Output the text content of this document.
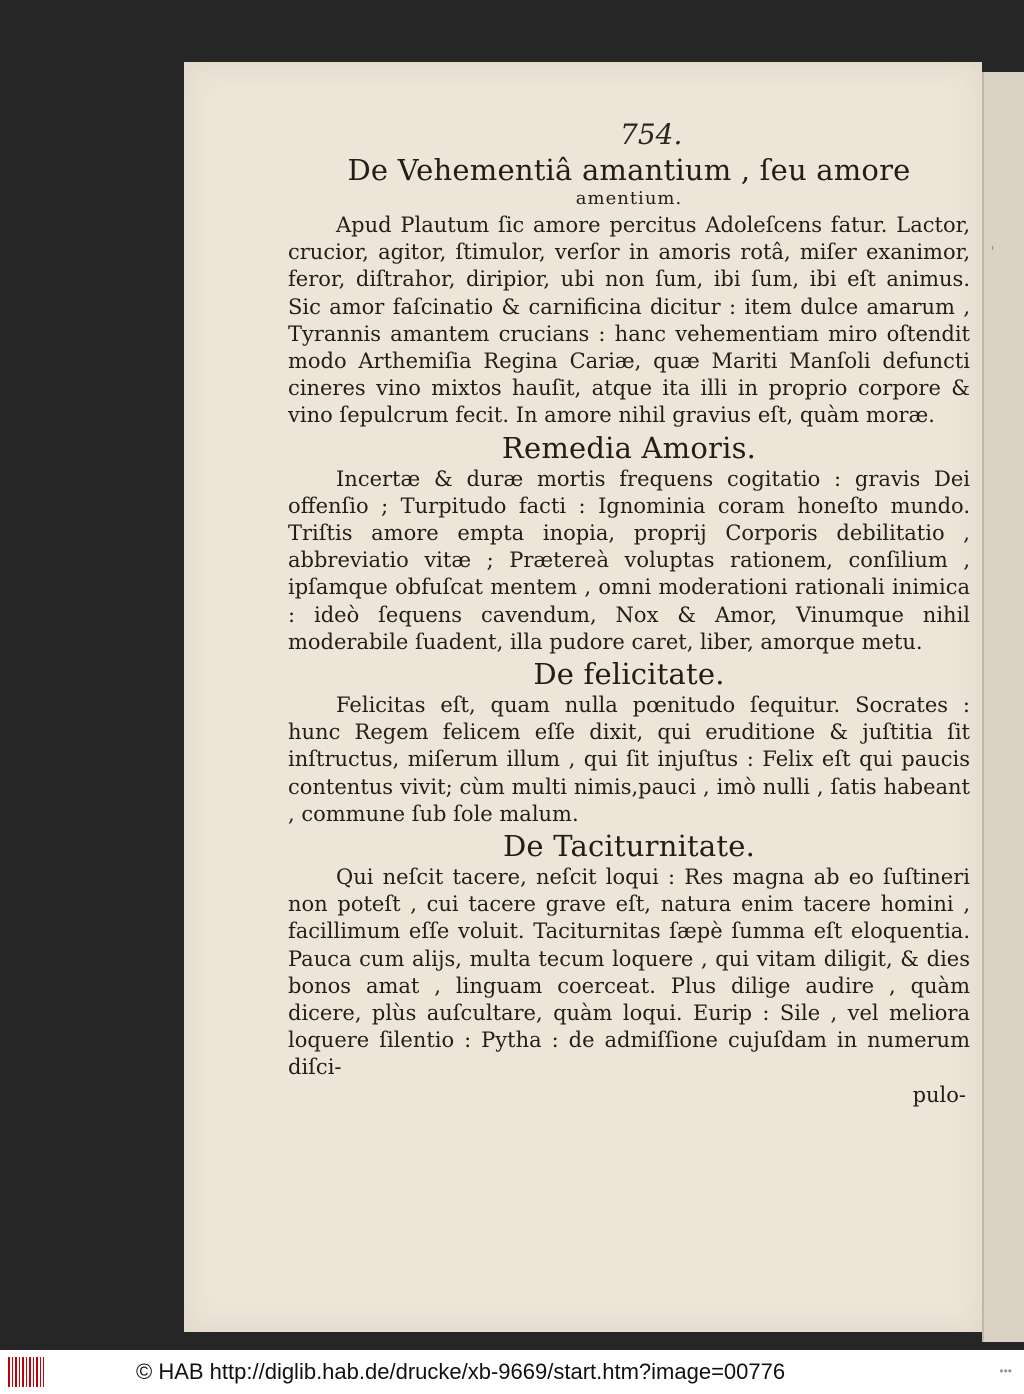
ˌ
754.
De Vehementiâ amantium , ſeu amore
amentium.

Apud Plautum ſic amore percitus Adoleſcens fatur. Lactor, crucior, agitor, ſtimulor, verſor in amoris rotâ, miſer exanimor, feror, diſtrahor, diripior, ubi non ſum, ibi ſum, ibi eſt animus. Sic amor faſcinatio & carnificina dicitur : item dulce amarum , Tyrannis amantem crucians : hanc vehementiam miro oſtendit modo Arthemiſia Regina Cariæ, quæ Mariti Manſoli defuncti cineres vino mixtos hauſit, atque ita illi in proprio corpore & vino ſepulcrum fecit. In amore nihil gravius eſt, quàm moræ.

Remedia Amoris.

Incertæ & duræ mortis frequens cogitatio : gravis Dei offenſio ; Turpitudo facti : Ignominia coram honeſto mundo. Triſtis amore empta inopia, proprij Corporis debilitatio , abbreviatio vitæ ; Prætereà voluptas rationem, conſilium , ipſamque obfuſcat mentem , omni moderationi rationali inimica : ideò ſequens cavendum, Nox & Amor, Vinumque nihil moderabile ſuadent, illa pudore caret, liber, amorque metu.

De felicitate.

Felicitas eſt, quam nulla pœnitudo ſequitur. Socrates : hunc Regem felicem eſſe dixit, qui eruditione & juſtitia ſit inſtructus, miſerum illum , qui ſit injuſtus : Felix eſt qui paucis contentus vivit; cùm multi nimis,pauci , imò nulli , ſatis habeant , commune ſub ſole malum.

De Taciturnitate.

Qui neſcit tacere, neſcit loqui : Res magna ab eo ſuſtineri non poteſt , cui tacere grave eſt, natura enim tacere homini , facillimum eſſe voluit. Taciturnitas ſæpè ſumma eſt eloquentia. Pauca cum alijs, multa tecum loquere , qui vitam diligit, & dies bonos amat , linguam coerceat. Plus dilige audire , quàm dicere, plùs auſcultare, quàm loqui. Eurip : Sile , vel meliora loquere ſilentio : Pytha : de admiſſione cujuſdam in numerum diſci-

pulo-

© HAB http://diglib.hab.de/drucke/xb-9669/start.htm?image=00776	•••
